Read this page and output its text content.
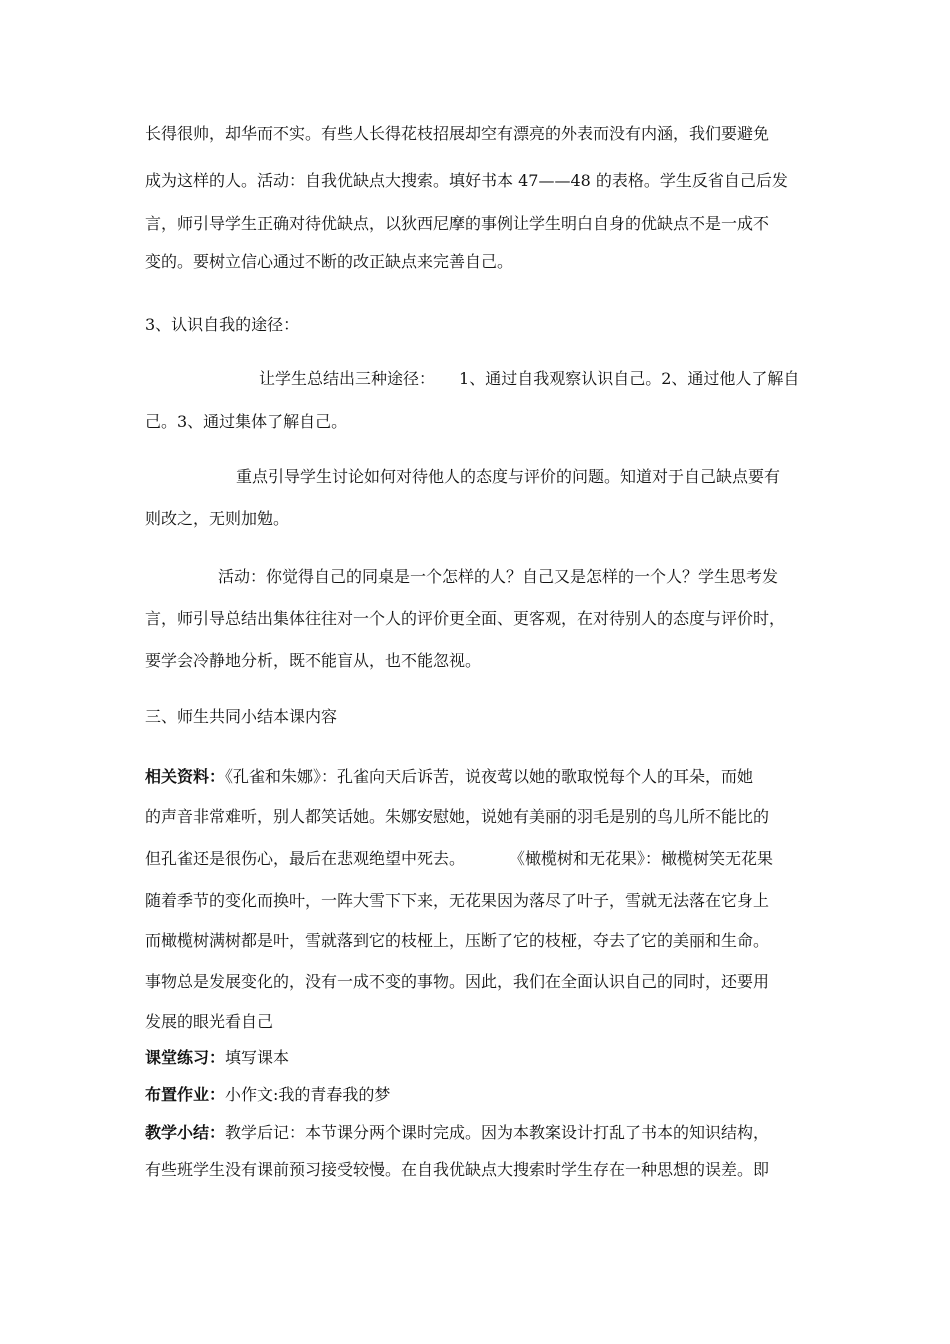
长得很帅，却华而不实。有些人长得花枝招展却空有漂亮的外表而没有内涵，我们要避免
成为这样的人。活动：自我优缺点大搜索。填好书本 47——48 的表格。学生反省自己后发
言，师引导学生正确对待优缺点，以狄西尼摩的事例让学生明白自身的优缺点不是一成不
变的。要树立信心通过不断的改正缺点来完善自己。
3、认识自我的途径：
让学生总结出三种途径： 1、通过自我观察认识自己。2、通过他人了解自
己。3、通过集体了解自己。
重点引导学生讨论如何对待他人的态度与评价的问题。知道对于自己缺点要有
则改之，无则加勉。
活动：你觉得自己的同桌是一个怎样的人？自己又是怎样的一个人？学生思考发
言，师引导总结出集体往往对一个人的评价更全面、更客观，在对待别人的态度与评价时，
要学会冷静地分析，既不能盲从，也不能忽视。
三、师生共同小结本课内容
相关资料：《孔雀和朱娜》：孔雀向天后诉苦，说夜莺以她的歌取悦每个人的耳朵，而她
的声音非常难听，别人都笑话她。朱娜安慰她，说她有美丽的羽毛是别的鸟儿所不能比的
但孔雀还是很伤心，最后在悲观绝望中死去。	《橄榄树和无花果》：橄榄树笑无花果
随着季节的变化而换叶，一阵大雪下下来，无花果因为落尽了叶子，雪就无法落在它身上
而橄榄树满树都是叶，雪就落到它的枝桠上，压断了它的枝桠，夺去了它的美丽和生命。
事物总是发展变化的，没有一成不变的事物。因此，我们在全面认识自己的同时，还要用
发展的眼光看自己
课堂练习：填写课本
布置作业：小作文:我的青春我的梦
教学小结：教学后记：本节课分两个课时完成。因为本教案设计打乱了书本的知识结构，
有些班学生没有课前预习接受较慢。在自我优缺点大搜索时学生存在一种思想的误差。即
